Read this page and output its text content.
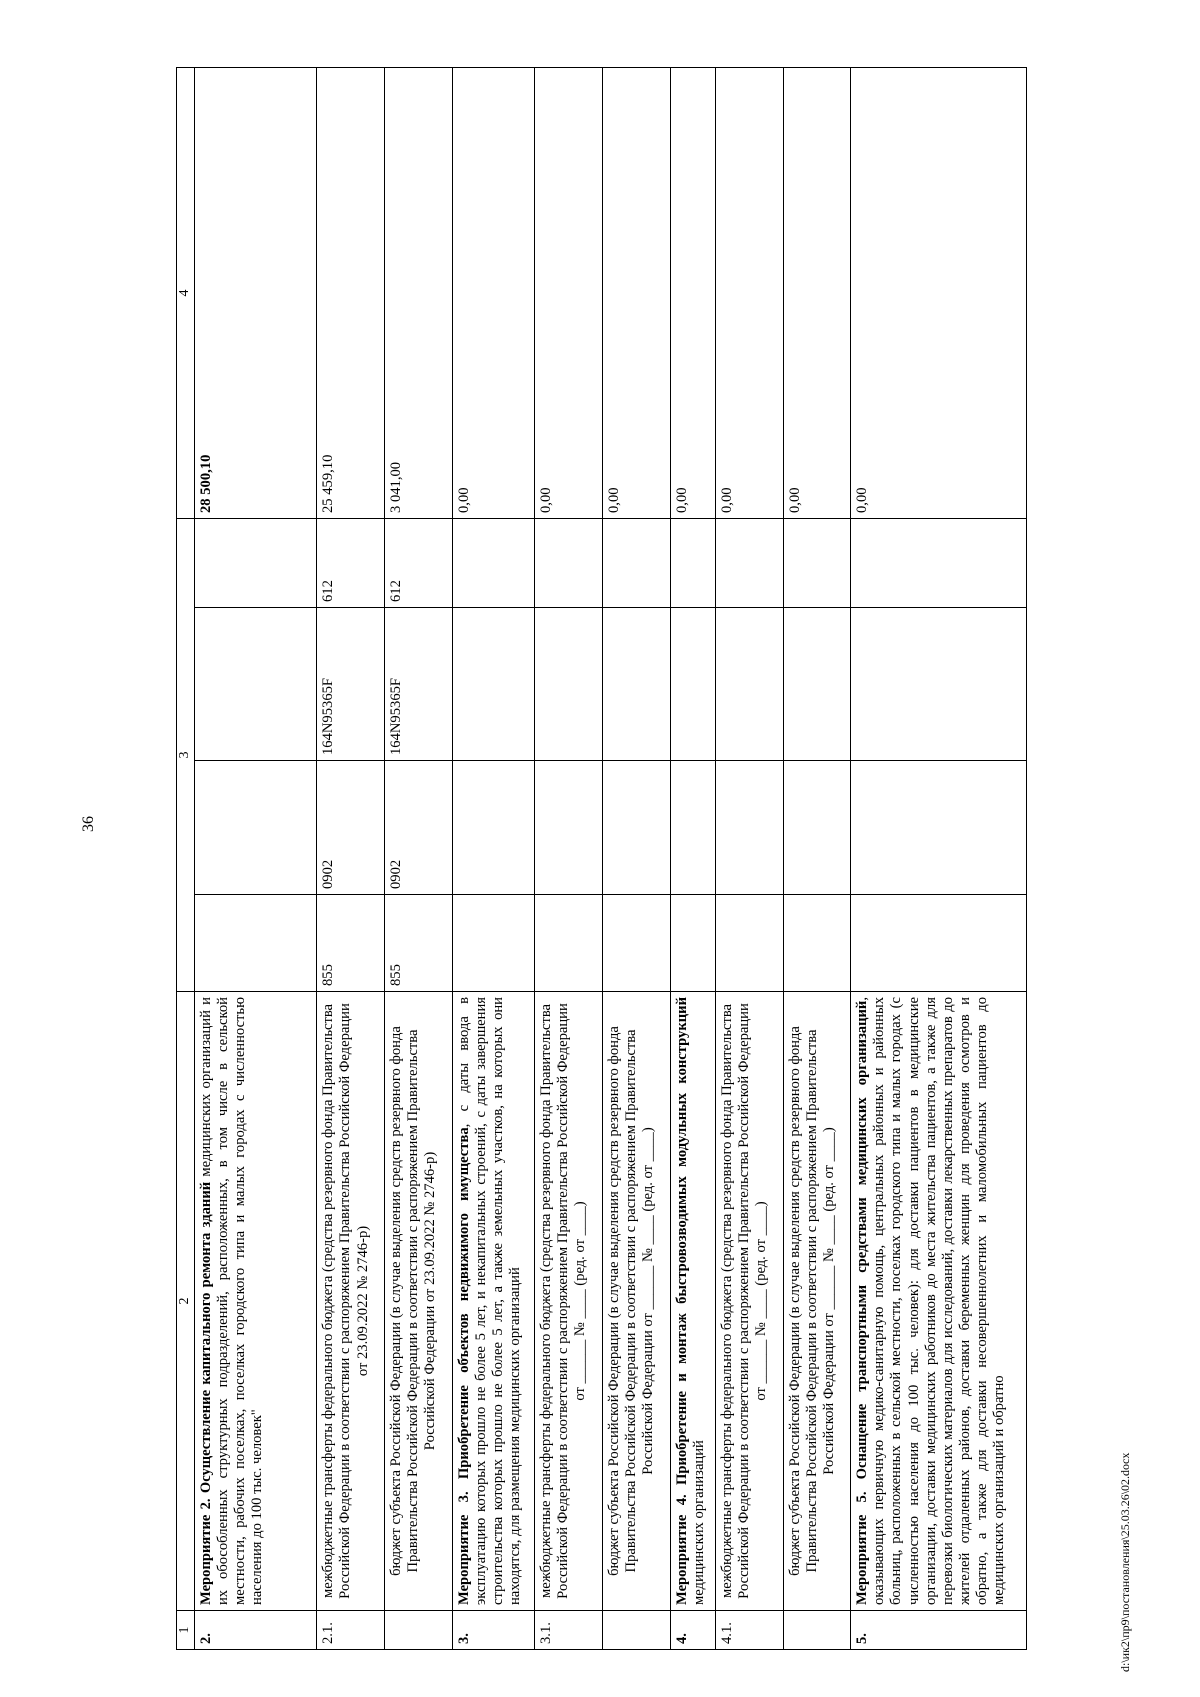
36
1	2	3				4
2.	Мероприятие 2. Осуществление капитального ремонта зданий медицинских организаций и их обособленных структурных подразделений, расположенных, в том числе в сельской местности, рабочих поселках, поселках городского типа и малых городах с численностью населения до 100 тыс. человек"					28 500,10
2.1.	межбюджетные трансферты федерального бюджета (средства резервного фонда Правительства Российской Федерации в соответствии с распоряжением Правительства Российской Федерации от 23.09.2022 № 2746-р)	855	0902	164N95365F	612	25 459,10
	бюджет субъекта Российской Федерации (в случае выделения средств резервного фонда Правительства Российской Федерации в соответствии с распоряжением Правительства Российской Федерации от 23.09.2022 № 2746-р)	855	0902	164N95365F	612	3 041,00
3.	Мероприятие 3. Приобретение объектов недвижимого имущества, с даты ввода в эксплуатацию которых прошло не более 5 лет, и некапитальных строений, с даты завершения строительства которых прошло не более 5 лет, а также земельных участков, на которых они находятся, для размещения медицинских организаций					0,00
3.1.	межбюджетные трансферты федерального бюджета (средства резервного фонда Правительства Российской Федерации в соответствии с распоряжением Правительства Российской Федерации от ______ № ____ (ред. от ____)					0,00
	бюджет субъекта Российской Федерации (в случае выделения средств резервного фонда Правительства Российской Федерации в соответствии с распоряжением Правительства Российской Федерации от ______ № ____ (ред. от ____)					0,00
4.	Мероприятие 4. Приобретение и монтаж быстровозводимых модульных конструкций медицинских организаций					0,00
4.1.	межбюджетные трансферты федерального бюджета (средства резервного фонда Правительства Российской Федерации в соответствии с распоряжением Правительства Российской Федерации от ______ № ____ (ред. от ____)					0,00
	бюджет субъекта Российской Федерации (в случае выделения средств резервного фонда Правительства Российской Федерации в соответствии с распоряжением Правительства Российской Федерации от ______ № ____ (ред. от ____)					0,00
5.	Мероприятие 5. Оснащение транспортными средствами медицинских организаций, оказывающих первичную медико-санитарную помощь, центральных районных и районных больниц, расположенных в сельской местности, поселках городского типа и малых городах (с численностью населения до 100 тыс. человек): для доставки пациентов в медицинские организации, доставки медицинских работников до места жительства пациентов, а также для перевозки биологических материалов для исследований, доставки лекарственных препаратов до жителей отдаленных районов, доставки беременных женщин для проведения осмотров и обратно, а также для доставки несовершеннолетних и маломобильных пациентов до медицинских организаций и обратно					0,00
d:\ик2\пр9\постановления\25.03.26\02.docx
